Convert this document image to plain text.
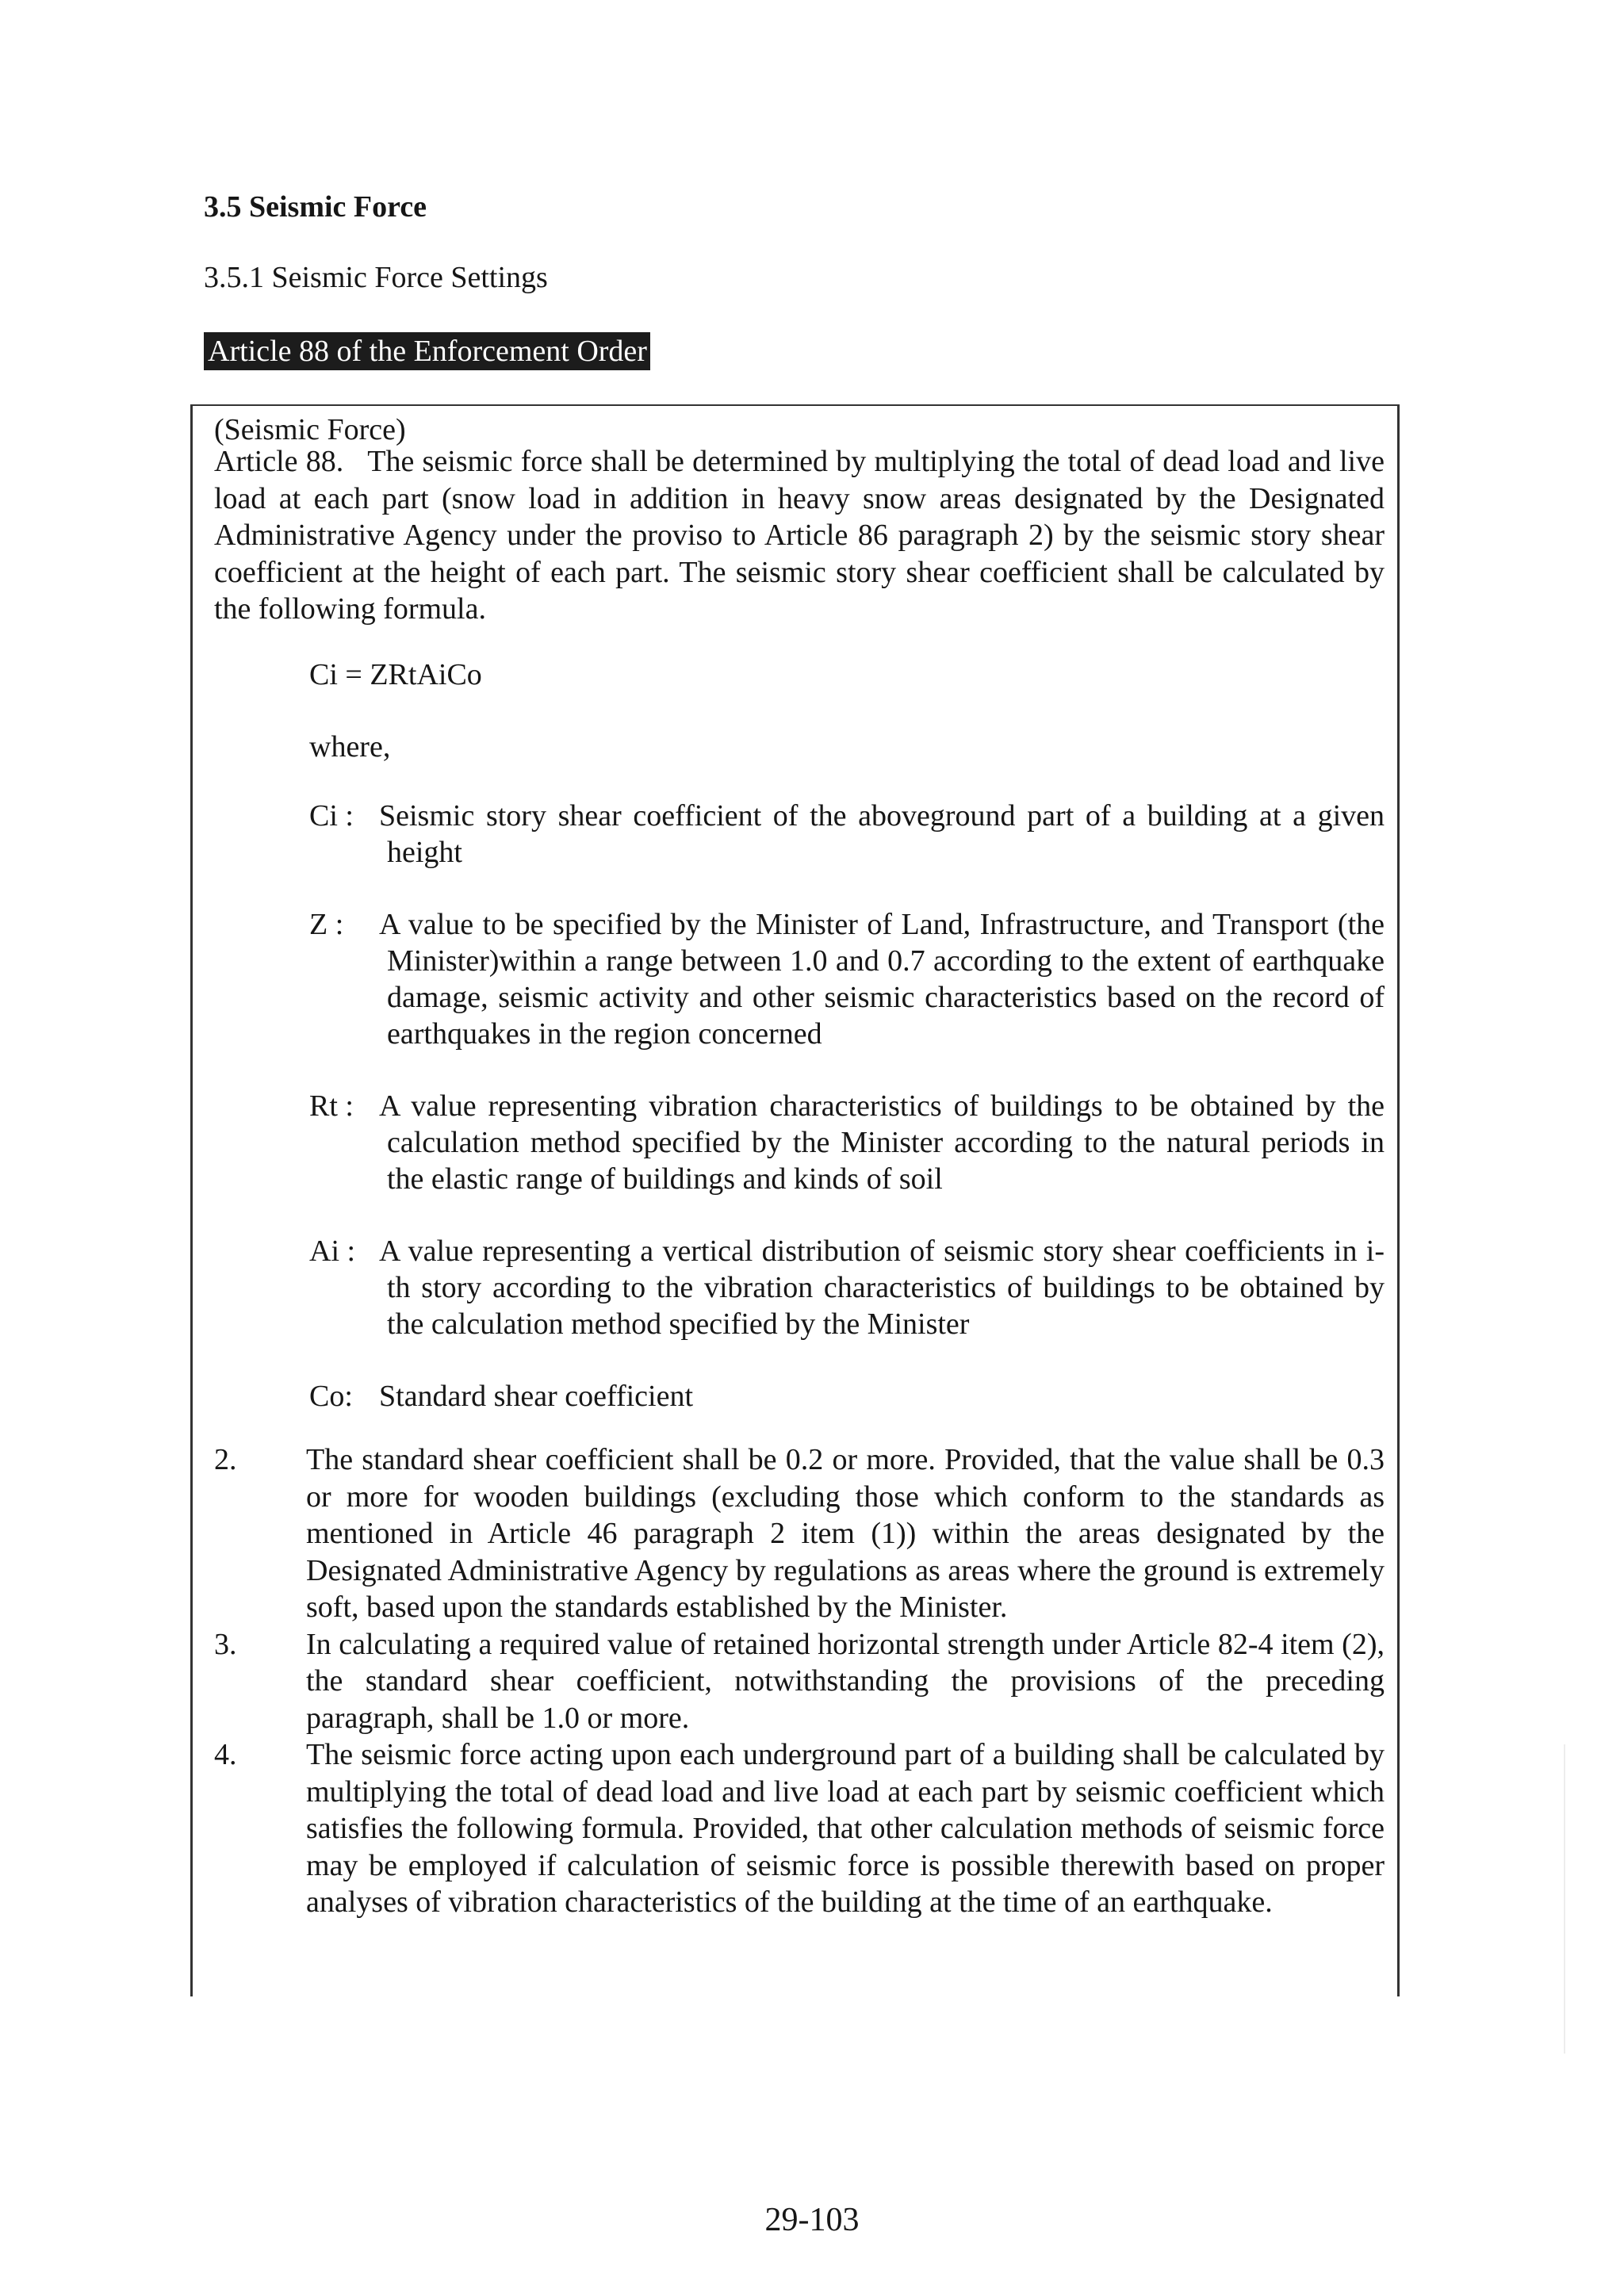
3.5 Seismic Force
3.5.1 Seismic Force Settings
Article 88 of the Enforcement Order
(Seismic Force)
Article 88. The seismic force shall be determined by multiplying the total of dead load and live load at each part (snow load in addition in heavy snow areas designated by the Designated Administrative Agency under the proviso to Article 86 paragraph 2) by the seismic story shear coefficient at the height of each part. The seismic story shear coefficient shall be calculated by the following formula.
Ci = ZRtAiCo
where,
Ci : Seismic story shear coefficient of the aboveground part of a building at a given height
Z :	A value to be specified by the Minister of Land, Infrastructure, and Transport (the Minister)within a range between 1.0 and 0.7 according to the extent of earthquake damage, seismic activity and other seismic characteristics based on the record of earthquakes in the region concerned
Rt : A value representing vibration characteristics of buildings to be obtained by the calculation method specified by the Minister according to the natural periods in the elastic range of buildings and kinds of soil
Ai : A value representing a vertical distribution of seismic story shear coefficients in i-th story according to the vibration characteristics of buildings to be obtained by the calculation method specified by the Minister
Co: Standard shear coefficient
2.	The standard shear coefficient shall be 0.2 or more. Provided, that the value shall be 0.3 or more for wooden buildings (excluding those which conform to the standards as mentioned in Article 46 paragraph 2 item (1)) within the areas designated by the Designated Administrative Agency by regulations as areas where the ground is extremely soft, based upon the standards established by the Minister.
3.	In calculating a required value of retained horizontal strength under Article 82-4 item (2), the standard shear coefficient, notwithstanding the provisions of the preceding paragraph, shall be 1.0 or more.
4.	The seismic force acting upon each underground part of a building shall be calculated by multiplying the total of dead load and live load at each part by seismic coefficient which satisfies the following formula. Provided, that other calculation methods of seismic force may be employed if calculation of seismic force is possible therewith based on proper analyses of vibration characteristics of the building at the time of an earthquake.
29-103
